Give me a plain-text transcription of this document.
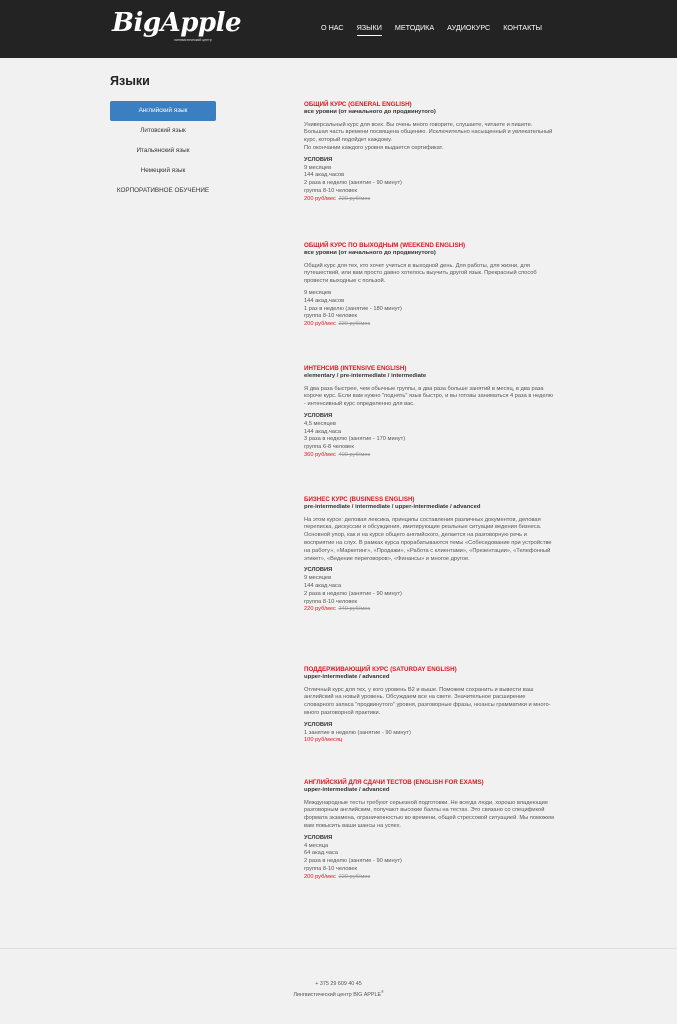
BigApple
лингвистический центр
О НАС ЯЗЫКИ МЕТОДИКА АУДИОКУРС КОНТАКТЫ
Языки
Английский язык
Литовский язык
Итальянский язык
Немецкий язык
КОРПОРАТИВНОЕ ОБУЧЕНИЕ
ОБЩИЙ КУРС (GENERAL ENGLISH)
все уровни (от начального до продвинутого)
Универсальный курс для всех. Вы очень много говорите, слушаете, читаете и пишете. Большая часть времени посвящена общению. Исключительно насыщенный и увлекательный курс, который подойдет каждому.
По окончании каждого уровня выдается сертификат.
УСЛОВИЯ
9 месяцев
144 акад.часов
2 раза в неделю (занятие - 90 минут)
группа 8-10 человек
200 руб/мес 220 руб/мес
ОБЩИЙ КУРС ПО ВЫХОДНЫМ (WEEKEND ENGLISH)
все уровни (от начального до продвинутого)
Общий курс для тех, кто хочет учиться в выходной день. Для работы, для жизни, для путешествий, или вам просто давно хотелось выучить другой язык. Прекрасный способ провести выходные с пользой.
9 месяцев
144 акад.часов
1 раз в неделю (занятие - 180 минут)
группа 8-10 человек
200 руб/мес 220 руб/мес
ИНТЕНСИВ (INTENSIVE ENGLISH)
elementary / pre-intermediate / intermediate
Я два раза быстрее, чем обычные группы, в два раза больше занятий в месяц, в два раза короче курс. Если вам нужно "поднять" язык быстро, и вы готовы заниматься 4 раза в неделю - интенсивный курс определенно для вас.
УСЛОВИЯ
4,5 месяцев
144 акад.часа
3 раза в неделю (занятие - 170 минут)
группа 6-8 человек
360 руб/мес 400 руб/мес
БИЗНЕС КУРС (BUSINESS ENGLISH)
pre-intermediate / intermediate / upper-intermediate / advanced
На этом курсе: деловая лексика, принципы составления различных документов, деловая переписка, дискуссии и обсуждения, имитирующие реальные ситуации ведения бизнеса. Основной упор, как и на курсе общего английского, делается на разговорную речь и восприятие на слух. В рамках курса прорабатываются темы «Собеседование при устройстве на работу», «Маркетинг», «Продажи», «Работа с клиентами», «Презентации», «Телефонный этикет», «Ведение переговоров», «Финансы» и многое другое.
УСЛОВИЯ
9 месяцев
144 акад.часа
2 раза в неделю (занятие - 90 минут)
группа 8-10 человек
220 руб/мес 240 руб/мес
ПОДДЕРЖИВАЮЩИЙ КУРС (SATURDAY ENGLISH)
upper-intermediate / advanced
Отличный курс для тех, у кого уровень В2 и выше. Поможем сохранить и вывести ваш английский на новый уровень. Обсуждаем все на свете. Значительное расширение словарного запаса "продвинутого" уровня, разговорные фразы, нюансы грамматики и много-много разговорной практики.
УСЛОВИЯ
1 занятие в неделю (занятие - 90 минут)
100 руб/месяц
АНГЛИЙСКИЙ ДЛЯ СДАЧИ ТЕСТОВ (ENGLISH FOR EXAMS)
upper-intermediate / advanced
Международные тесты требуют серьезной подготовки. Не всегда люди, хорошо владеющие разговорным английским, получают высокие баллы на тестах. Это связано со спецификой формата экзамена, ограниченностью во времени, общей стрессовой ситуацией. Мы поможем вам повысить ваши шансы на успех.
УСЛОВИЯ
4 месяца
64 акад.часа
2 раза в неделю (занятие - 90 минут)
группа 8-10 человек
200 руб/мес 220 руб/мес
+ 375 29 609 40 45
Лингвистический центр BIG APPLE®
